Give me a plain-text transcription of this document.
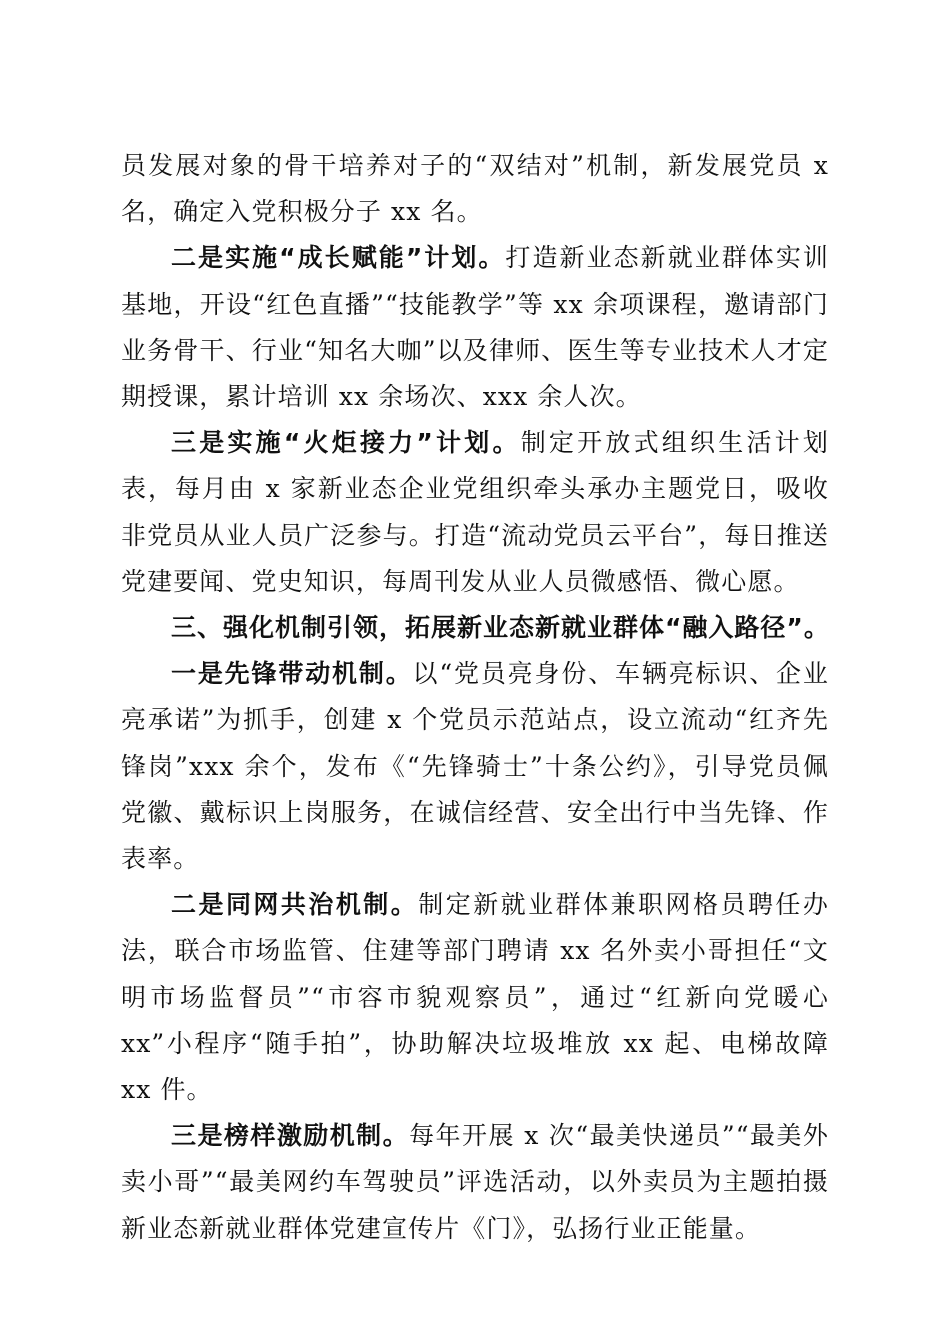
员发展对象的骨干培养对子的“双结对”机制，新发展党员 x名，确定入党积极分子 xx 名。

二是实施“成长赋能”计划。打造新业态新就业群体实训基地，开设“红色直播”“技能教学”等 xx 余项课程，邀请部门业务骨干、行业“知名大咖”以及律师、医生等专业技术人才定期授课，累计培训 xx 余场次、xxx 余人次。

三是实施“火炬接力”计划。制定开放式组织生活计划表，每月由 x 家新业态企业党组织牵头承办主题党日，吸收非党员从业人员广泛参与。打造“流动党员云平台”，每日推送党建要闻、党史知识，每周刊发从业人员微感悟、微心愿。

三、强化机制引领，拓展新业态新就业群体“融入路径”。

一是先锋带动机制。以“党员亮身份、车辆亮标识、企业亮承诺”为抓手，创建 x 个党员示范站点，设立流动“红齐先锋岗”xxx 余个，发布《“先锋骑士”十条公约》，引导党员佩党徽、戴标识上岗服务，在诚信经营、安全出行中当先锋、作表率。

二是同网共治机制。制定新就业群体兼职网格员聘任办法，联合市场监管、住建等部门聘请 xx 名外卖小哥担任“文明市场监督员”“市容市貌观察员”，通过“红新向党暖心 xx”小程序“随手拍”，协助解决垃圾堆放 xx 起、电梯故障 xx 件。

三是榜样激励机制。每年开展 x 次“最美快递员”“最美外卖小哥”“最美网约车驾驶员”评选活动，以外卖员为主题拍摄新业态新就业群体党建宣传片《门》，弘扬行业正能量。
